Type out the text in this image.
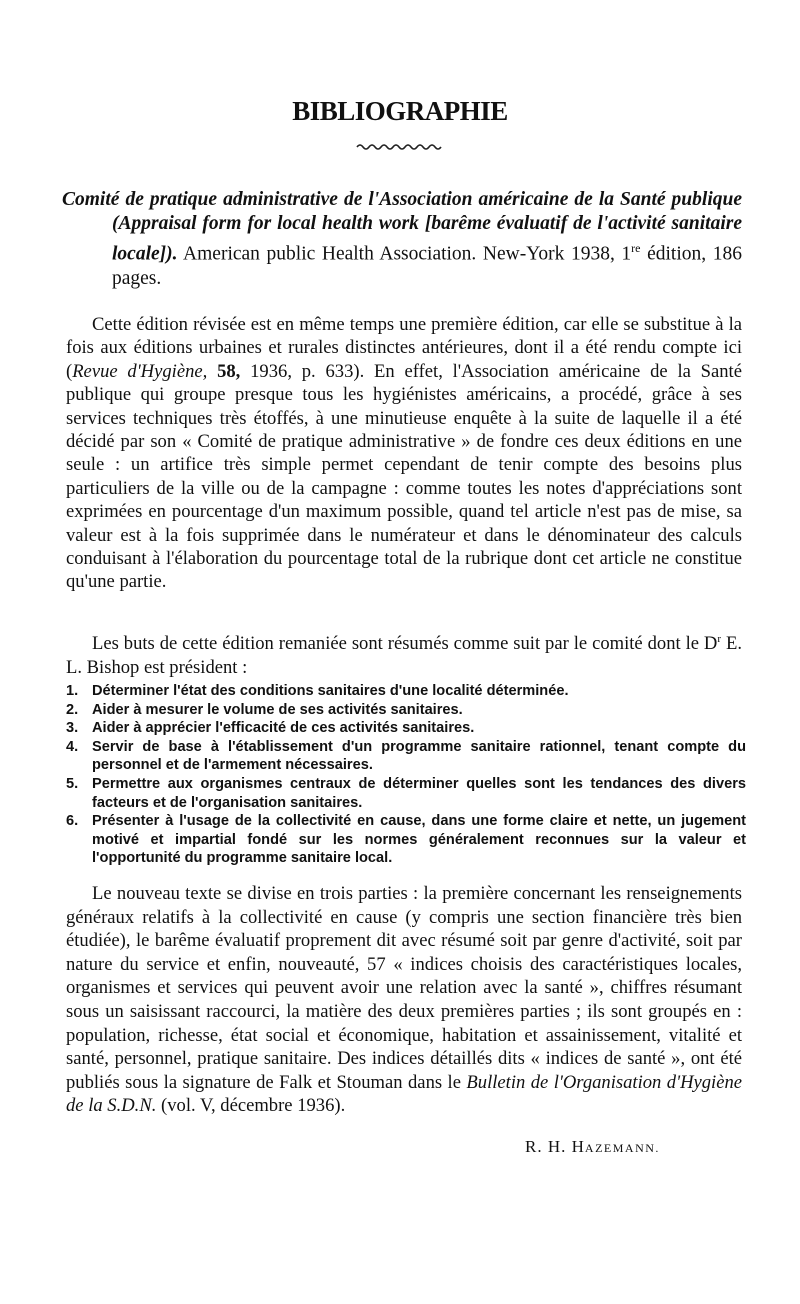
BIBLIOGRAPHIE
Comité de pratique administrative de l'Association américaine de la Santé publique (Appraisal form for local health work [barême évaluatif de l'activité sanitaire locale]). American public Health Association. New-York 1938, 1re édition, 186 pages.

Cette édition révisée est en même temps une première édition, car elle se substitue à la fois aux éditions urbaines et rurales distinctes antérieures, dont il a été rendu compte ici (Revue d'Hygiène, 58, 1936, p. 633). En effet, l'Association américaine de la Santé publique qui groupe presque tous les hygiénistes américains, a procédé, grâce à ses services techniques très étoffés, à une minutieuse enquête à la suite de laquelle il a été décidé par son « Comité de pratique administrative » de fondre ces deux éditions en une seule : un artifice très simple permet cependant de tenir compte des besoins plus particuliers de la ville ou de la campagne : comme toutes les notes d'appréciations sont exprimées en pourcentage d'un maximum possible, quand tel article n'est pas de mise, sa valeur est à la fois supprimée dans le numérateur et dans le dénominateur des calculs conduisant à l'élaboration du pourcentage total de la rubrique dont cet article ne constitue qu'une partie.

Les buts de cette édition remaniée sont résumés comme suit par le comité dont le $D^r$ E. L. Bishop est président :

1. Déterminer l'état des conditions sanitaires d'une localité déterminée.
2. Aider à mesurer le volume de ses activités sanitaires.
3. Aider à apprécier l'efficacité de ces activités sanitaires.
4. Servir de base à l'établissement d'un programme sanitaire rationnel, tenant compte du personnel et de l'armement nécessaires.
5. Permettre aux organismes centraux de déterminer quelles sont les tendances des divers facteurs et de l'organisation sanitaires.
6. Présenter à l'usage de la collectivité en cause, dans une forme claire et nette, un jugement motivé et impartial fondé sur les normes généralement reconnues sur la valeur et l'opportunité du programme sanitaire local.

Le nouveau texte se divise en trois parties : la première concernant les renseignements généraux relatifs à la collectivité en cause (y compris une section financière très bien étudiée), le barême évaluatif proprement dit avec résumé soit par genre d'activité, soit par nature du service et enfin, nouveauté, 57 « indices choisis des caractéristiques locales, organismes et services qui peuvent avoir une relation avec la santé », chiffres résumant sous un saisissant raccourci, la matière des deux premières parties ; ils sont groupés en : population, richesse, état social et économique, habitation et assainissement, vitalité et santé, personnel, pratique sanitaire. Des indices détaillés dits « indices de santé », ont été publiés sous la signature de Falk et Stouman dans le Bulletin de l'Organisation d'Hygiène de la S.D.N. (vol. V, décembre 1936).

R. H. HAZEMANN.
